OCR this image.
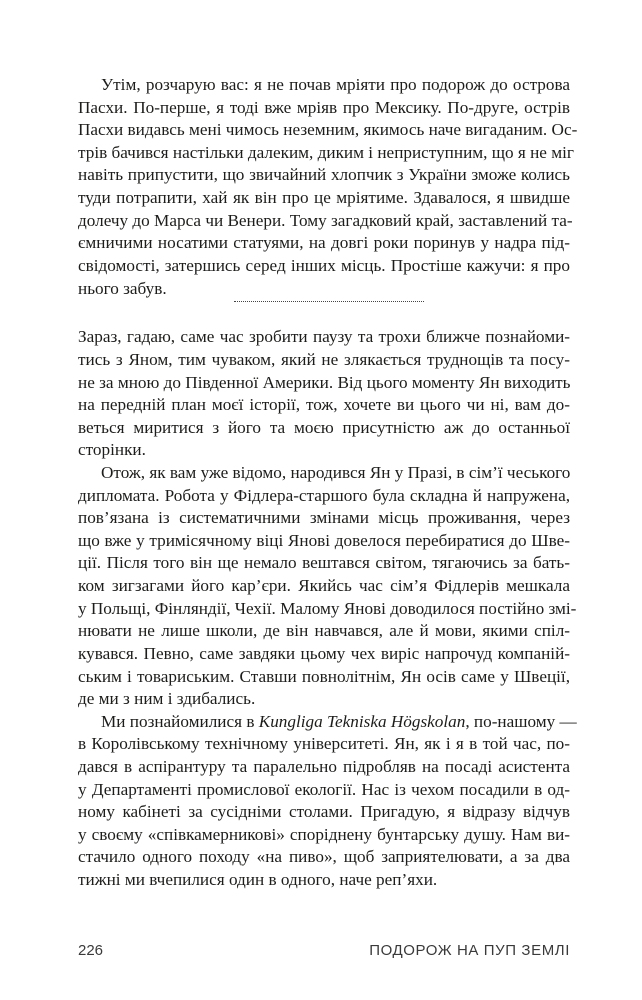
Утім, розчарую вас: я не почав мріяти про подорож до острова
Пасхи. По-перше, я тоді вже мріяв про Мексику. По-друге, острів
Пасхи видавсь мені чимось неземним, якимось наче вигаданим. Ос-
трів бачився настільки далеким, диким і неприступним, що я не міг
навіть припустити, що звичайний хлопчик з України зможе колись
туди потрапити, хай як він про це мріятиме. Здавалося, я швидше
долечу до Марса чи Венери. Тому загадковий край, заставлений та-
ємничими носатими статуями, на довгі роки поринув у надра під-
свідомості, затершись серед інших місць. Простіше кажучи: я про
нього забув.
Зараз, гадаю, саме час зробити паузу та трохи ближче познайоми-
тись з Яном, тим чуваком, який не злякається труднощів та посу-
не за мною до Південної Америки. Від цього моменту Ян виходить
на передній план моєї історії, тож, хочете ви цього чи ні, вам до-
веться миритися з його та моєю присутністю аж до останньої
сторінки.
Отож, як вам уже відомо, народився Ян у Празі, в сім’ї чеського
дипломата. Робота у Фідлера-старшого була складна й напружена,
пов’язана із систематичними змінами місць проживання, через
що вже у тримісячному віці Янові довелося перебиратися до Шве-
ції. Після того він ще немало вештався світом, тягаючись за бать-
ком зигзагами його кар’єри. Якийсь час сім’я Фідлерів мешкала
у Польщі, Фінляндії, Чехії. Малому Янові доводилося постійно змі-
нювати не лише школи, де він навчався, але й мови, якими спіл-
кувався. Певно, саме завдяки цьому чех виріс напрочуд компаній-
ським і товариським. Ставши повнолітнім, Ян осів саме у Швеції,
де ми з ним і здибались.
Ми познайомилися в Kungliga Tekniska Högskolan, по-нашому —
в Королівському технічному університеті. Ян, як і я в той час, по-
дався в аспірантуру та паралельно підробляв на посаді асистента
у Департаменті промислової екології. Нас із чехом посадили в од-
ному кабінеті за сусідніми столами. Пригадую, я відразу відчув
у своєму «співкамерникові» споріднену бунтарську душу. Нам ви-
стачило одного походу «на пиво», щоб заприятелювати, а за два
тижні ми вчепилися один в одного, наче реп’яхи.
226	ПОДОРОЖ НА ПУП ЗЕМЛІ
